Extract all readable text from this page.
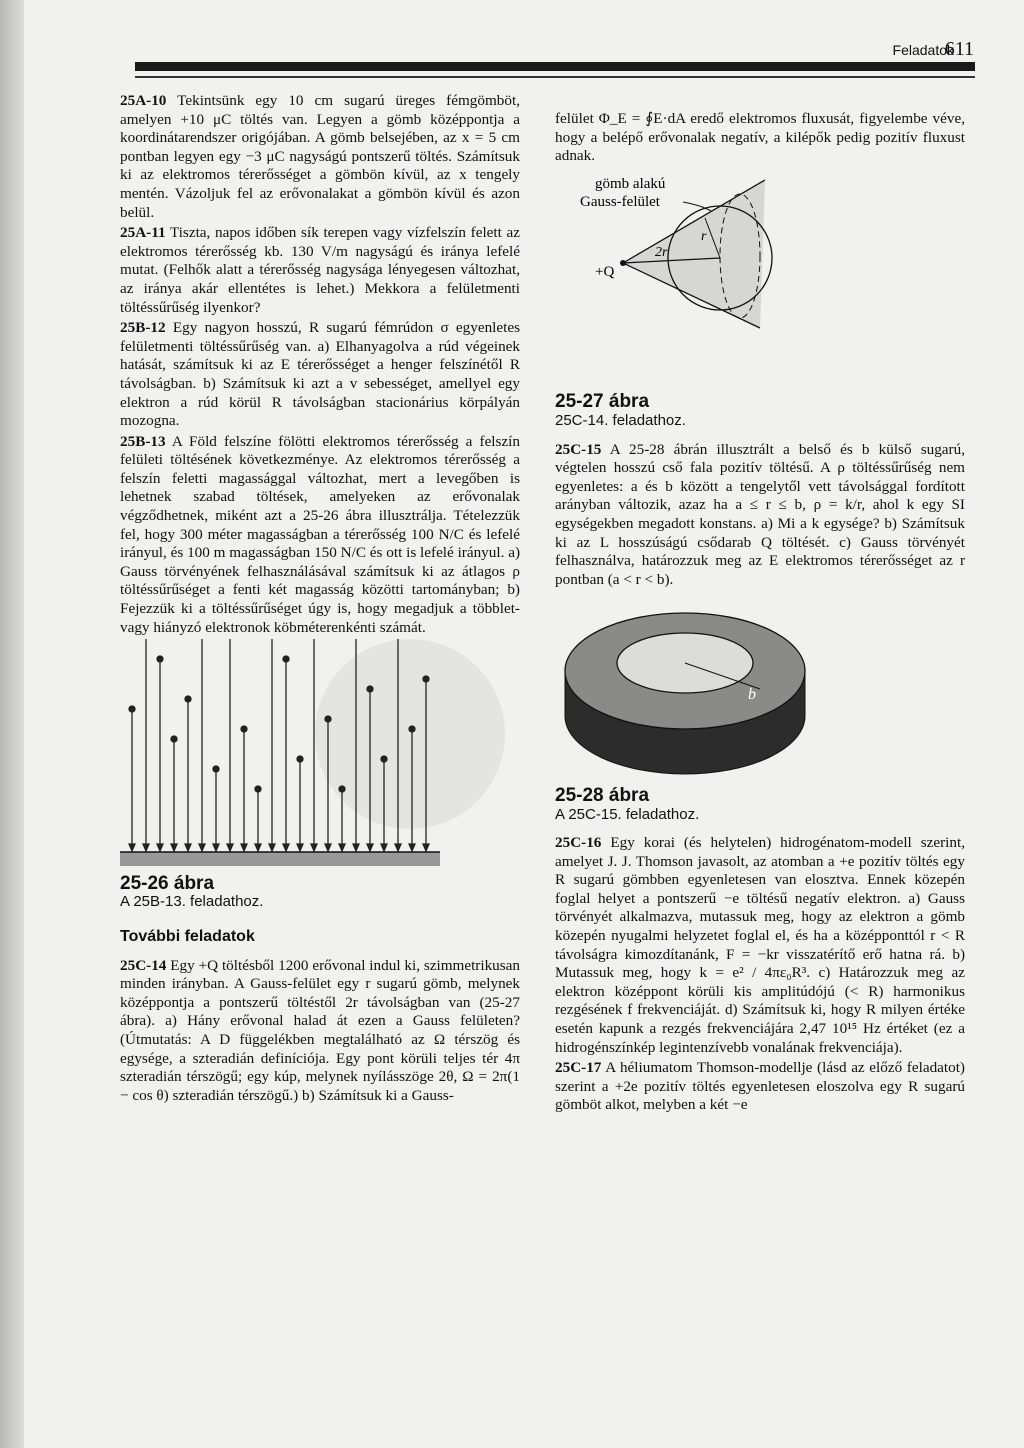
Feladatok
611

25A-10 Tekintsünk egy 10 cm sugarú üreges fémgömböt, amelyen +10 μC töltés van. Legyen a gömb középpontja a koordinátarendszer origójában. A gömb belsejében, az x = 5 cm pontban legyen egy −3 μC nagyságú pontszerű töltés. Számítsuk ki az elektromos térerősséget a gömbön kívül, az x tengely mentén. Vázoljuk fel az erővonalakat a gömbön kívül és azon belül.

25A-11 Tiszta, napos időben sík terepen vagy vízfelszín felett az elektromos térerősség kb. 130 V/m nagyságú és iránya lefelé mutat. (Felhők alatt a térerősség nagysága lényegesen változhat, az iránya akár ellentétes is lehet.) Mekkora a felületmenti töltéssűrűség ilyenkor?

25B-12 Egy nagyon hosszú, R sugarú fémrúdon σ egyenletes felületmenti töltéssűrűség van. a) Elhanyagolva a rúd végeinek hatását, számítsuk ki az E térerősséget a henger felszínétől R távolságban. b) Számítsuk ki azt a v sebességet, amellyel egy elektron a rúd körül R távolságban stacionárius körpályán mozogna.

25B-13 A Föld felszíne fölötti elektromos térerősség a felszín felületi töltésének következménye. Az elektromos térerősség a felszín feletti magassággal változhat, mert a levegőben is lehetnek szabad töltések, amelyeken az erővonalak végződhetnek, miként azt a 25-26 ábra illusztrálja. Tételezzük fel, hogy 300 méter magasságban a térerősség 100 N/C és lefelé irányul, és 100 m magasságban 150 N/C és ott is lefelé irányul. a) Gauss törvényének felhasználásával számítsuk ki az átlagos ρ töltéssűrűséget a fenti két magasság közötti tartományban; b) Fejezzük ki a töltéssűrűséget úgy is, hogy megadjuk a többlet- vagy hiányzó elektronok köbméterenkénti számát.

25-26 ábra

A 25B-13. feladathoz.

További feladatok

25C-14 Egy +Q töltésből 1200 erővonal indul ki, szimmetrikusan minden irányban. A Gauss-felület egy r sugarú gömb, melynek középpontja a pontszerű töltéstől 2r távolságban van (25-27 ábra). a) Hány erővonal halad át ezen a Gauss felületen? (Útmutatás: A D függelékben megtalálható az Ω térszög és egysége, a szteradián definíciója. Egy pont körüli teljes tér 4π szteradián térszögű; egy kúp, melynek nyílásszöge 2θ, Ω = 2π(1 − cos θ) szteradián térszögű.) b) Számítsuk ki a Gauss-

felület Φ_E = ∮E·dA eredő elektromos fluxusát, figyelembe véve, hogy a belépő erővonalak negatív, a kilépők pedig pozitív fluxust adnak.

gömb alakú
Gauss-felület
+Q
r
2r

25-27 ábra

25C-14. feladathoz.

25C-15 A 25-28 ábrán illusztrált a belső és b külső sugarú, végtelen hosszú cső fala pozitív töltésű. A ρ töltéssűrűség nem egyenletes: a és b között a tengelytől vett távolsággal fordított arányban változik, azaz ha a ≤ r ≤ b, ρ = k/r, ahol k egy SI egységekben megadott konstans. a) Mi a k egysége? b) Számítsuk ki az L hosszúságú csődarab Q töltését. c) Gauss törvényét felhasználva, határozzuk meg az E elektromos térerősséget az r pontban (a < r < b).

b

25-28 ábra

A 25C-15. feladathoz.

25C-16 Egy korai (és helytelen) hidrogénatom-modell szerint, amelyet J. J. Thomson javasolt, az atomban a +e pozitív töltés egy R sugarú gömbben egyenletesen van elosztva. Ennek közepén foglal helyet a pontszerű −e töltésű negatív elektron. a) Gauss törvényét alkalmazva, mutassuk meg, hogy az elektron a gömb közepén nyugalmi helyzetet foglal el, és ha a középponttól r < R távolságra kimozdítanánk, F = −kr visszatérítő erő hatna rá. b) Mutassuk meg, hogy k = e² / 4πε₀R³. c) Határozzuk meg az elektron középpont körüli kis amplitúdójú (< R) harmonikus rezgésének f frekvenciáját. d) Számítsuk ki, hogy R milyen értéke esetén kapunk a rezgés frekvenciájára 2,47 10¹⁵ Hz értéket (ez a hidrogénszínkép legintenzívebb vonalának frekvenciája).

25C-17 A héliumatom Thomson-modellje (lásd az előző feladatot) szerint a +2e pozitív töltés egyenletesen eloszolva egy R sugarú gömböt alkot, melyben a két −e
